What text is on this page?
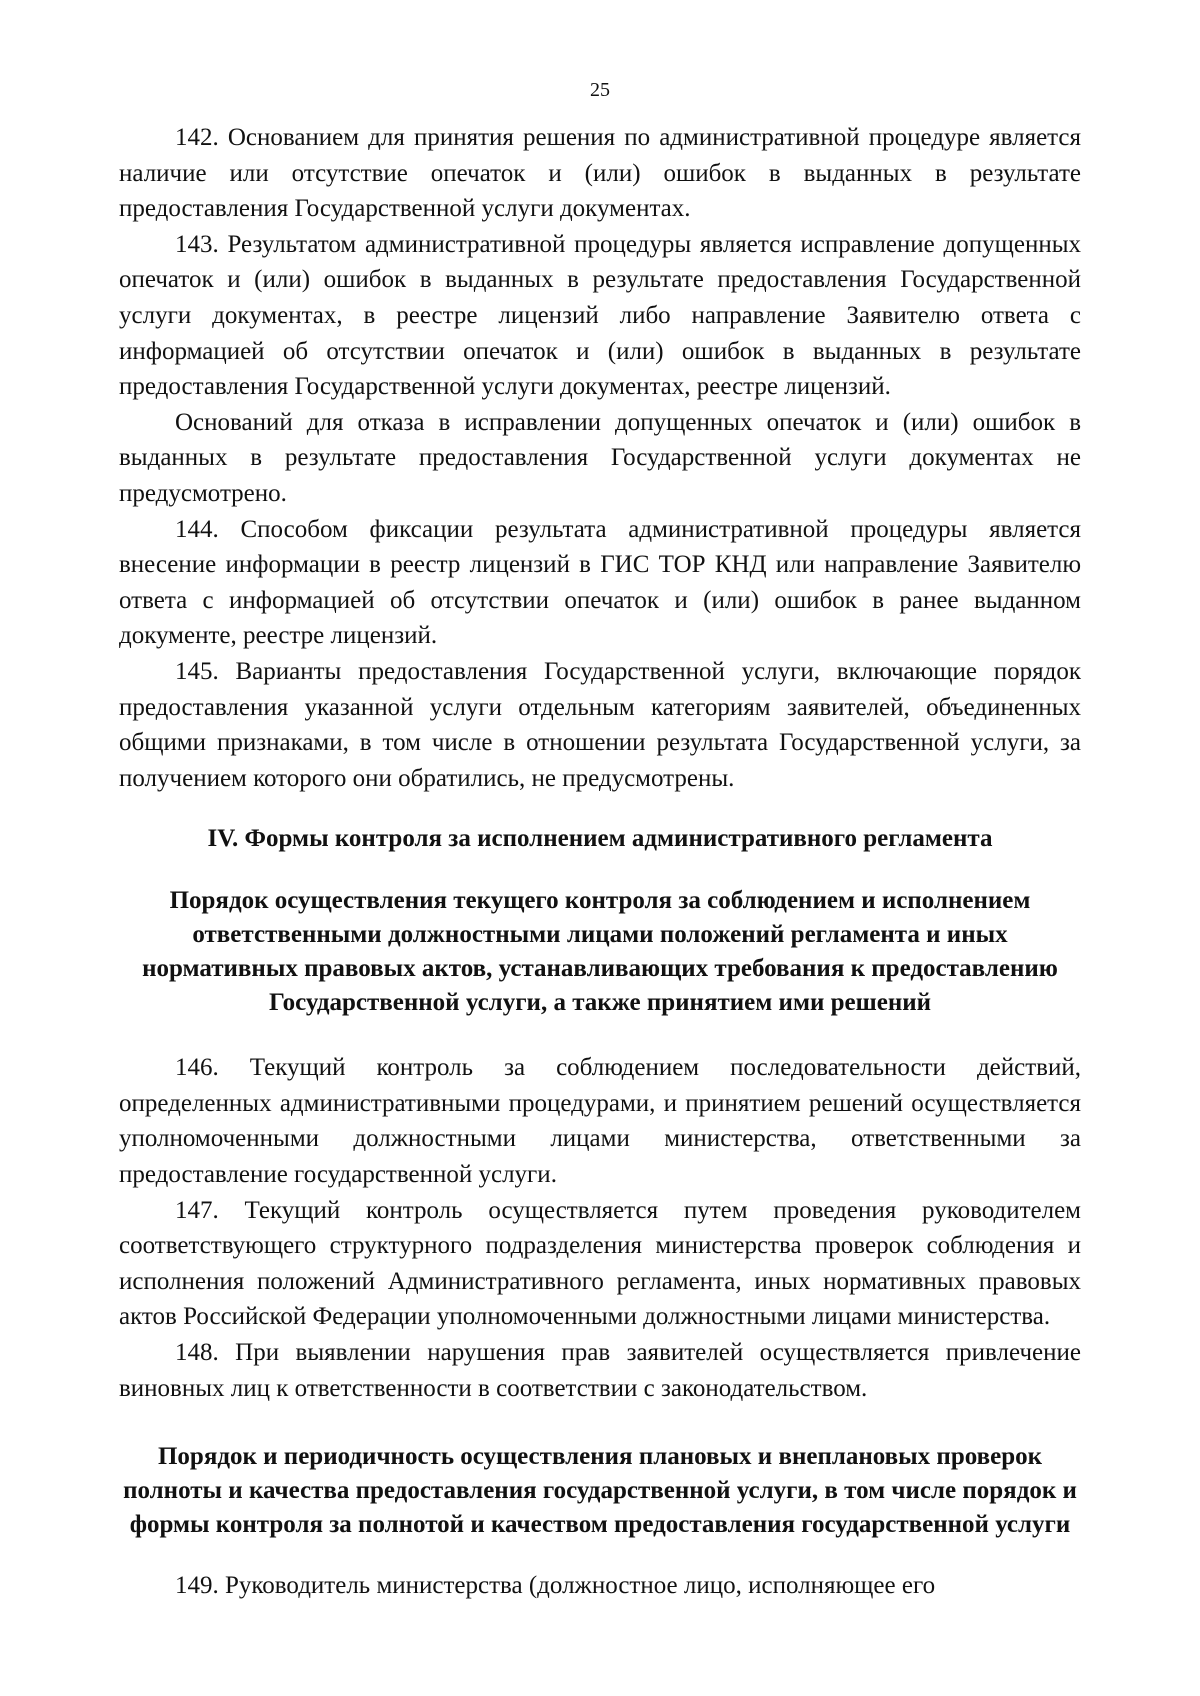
25

142. Основанием для принятия решения по административной процедуре является наличие или отсутствие опечаток и (или) ошибок в выданных в результате предоставления Государственной услуги документах.

143. Результатом административной процедуры является исправление допущенных опечаток и (или) ошибок в выданных в результате предоставления Государственной услуги документах, в реестре лицензий либо направление Заявителю ответа с информацией об отсутствии опечаток и (или) ошибок в выданных в результате предоставления Государственной услуги документах, реестре лицензий.

Оснований для отказа в исправлении допущенных опечаток и (или) ошибок в выданных в результате предоставления Государственной услуги документах не предусмотрено.

144. Способом фиксации результата административной процедуры является внесение информации в реестр лицензий в ГИС ТОР КНД или направление Заявителю ответа с информацией об отсутствии опечаток и (или) ошибок в ранее выданном документе, реестре лицензий.

145. Варианты предоставления Государственной услуги, включающие порядок предоставления указанной услуги отдельным категориям заявителей, объединенных общими признаками, в том числе в отношении результата Государственной услуги, за получением которого они обратились, не предусмотрены.

IV. Формы контроля за исполнением административного регламента
Порядок осуществления текущего контроля за соблюдением и исполнением ответственными должностными лицами положений регламента и иных нормативных правовых актов, устанавливающих требования к предоставлению Государственной услуги, а также принятием ими решений

146. Текущий контроль за соблюдением последовательности действий, определенных административными процедурами, и принятием решений осуществляется уполномоченными должностными лицами министерства, ответственными за предоставление государственной услуги.

147. Текущий контроль осуществляется путем проведения руководителем соответствующего структурного подразделения министерства проверок соблюдения и исполнения положений Административного регламента, иных нормативных правовых актов Российской Федерации уполномоченными должностными лицами министерства.

148. При выявлении нарушения прав заявителей осуществляется привлечение виновных лиц к ответственности в соответствии с законодательством.

Порядок и периодичность осуществления плановых и внеплановых проверок полноты и качества предоставления государственной услуги, в том числе порядок и формы контроля за полнотой и качеством предоставления государственной услуги

149. Руководитель министерства (должностное лицо, исполняющее его
